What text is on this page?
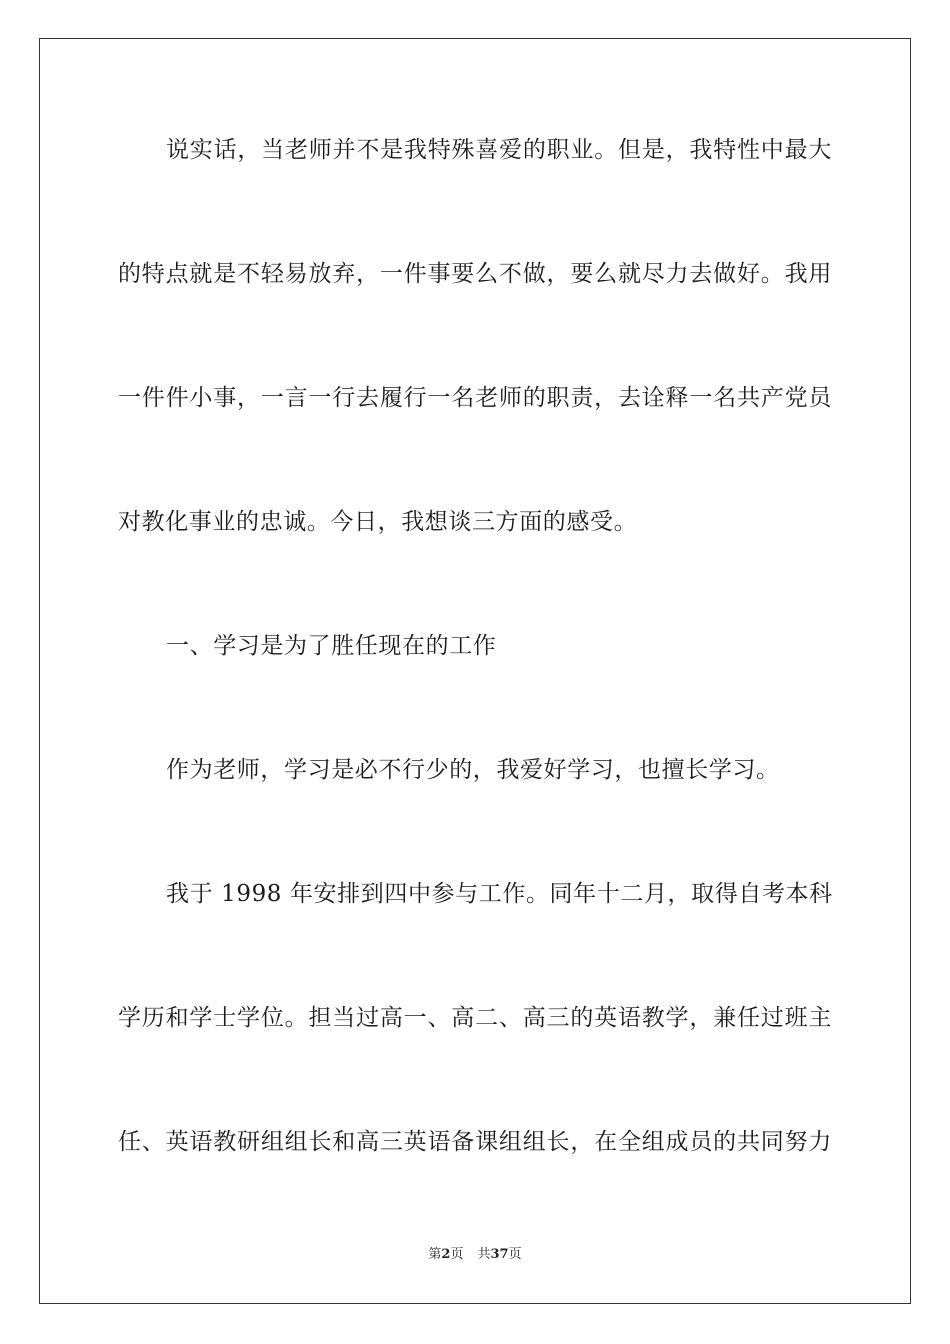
说实话，当老师并不是我特殊喜爱的职业。但是，我特性中最大
的特点就是不轻易放弃，一件事要么不做，要么就尽力去做好。我用
一件件小事，一言一行去履行一名老师的职责，去诠释一名共产党员
对教化事业的忠诚。今日，我想谈三方面的感受。
一、学习是为了胜任现在的工作
作为老师，学习是必不行少的，我爱好学习，也擅长学习。
我于 1998 年安排到四中参与工作。同年十二月，取得自考本科
学历和学士学位。担当过高一、高二、高三的英语教学，兼任过班主
任、英语教研组组长和高三英语备课组组长，在全组成员的共同努力
第2页 共37页
